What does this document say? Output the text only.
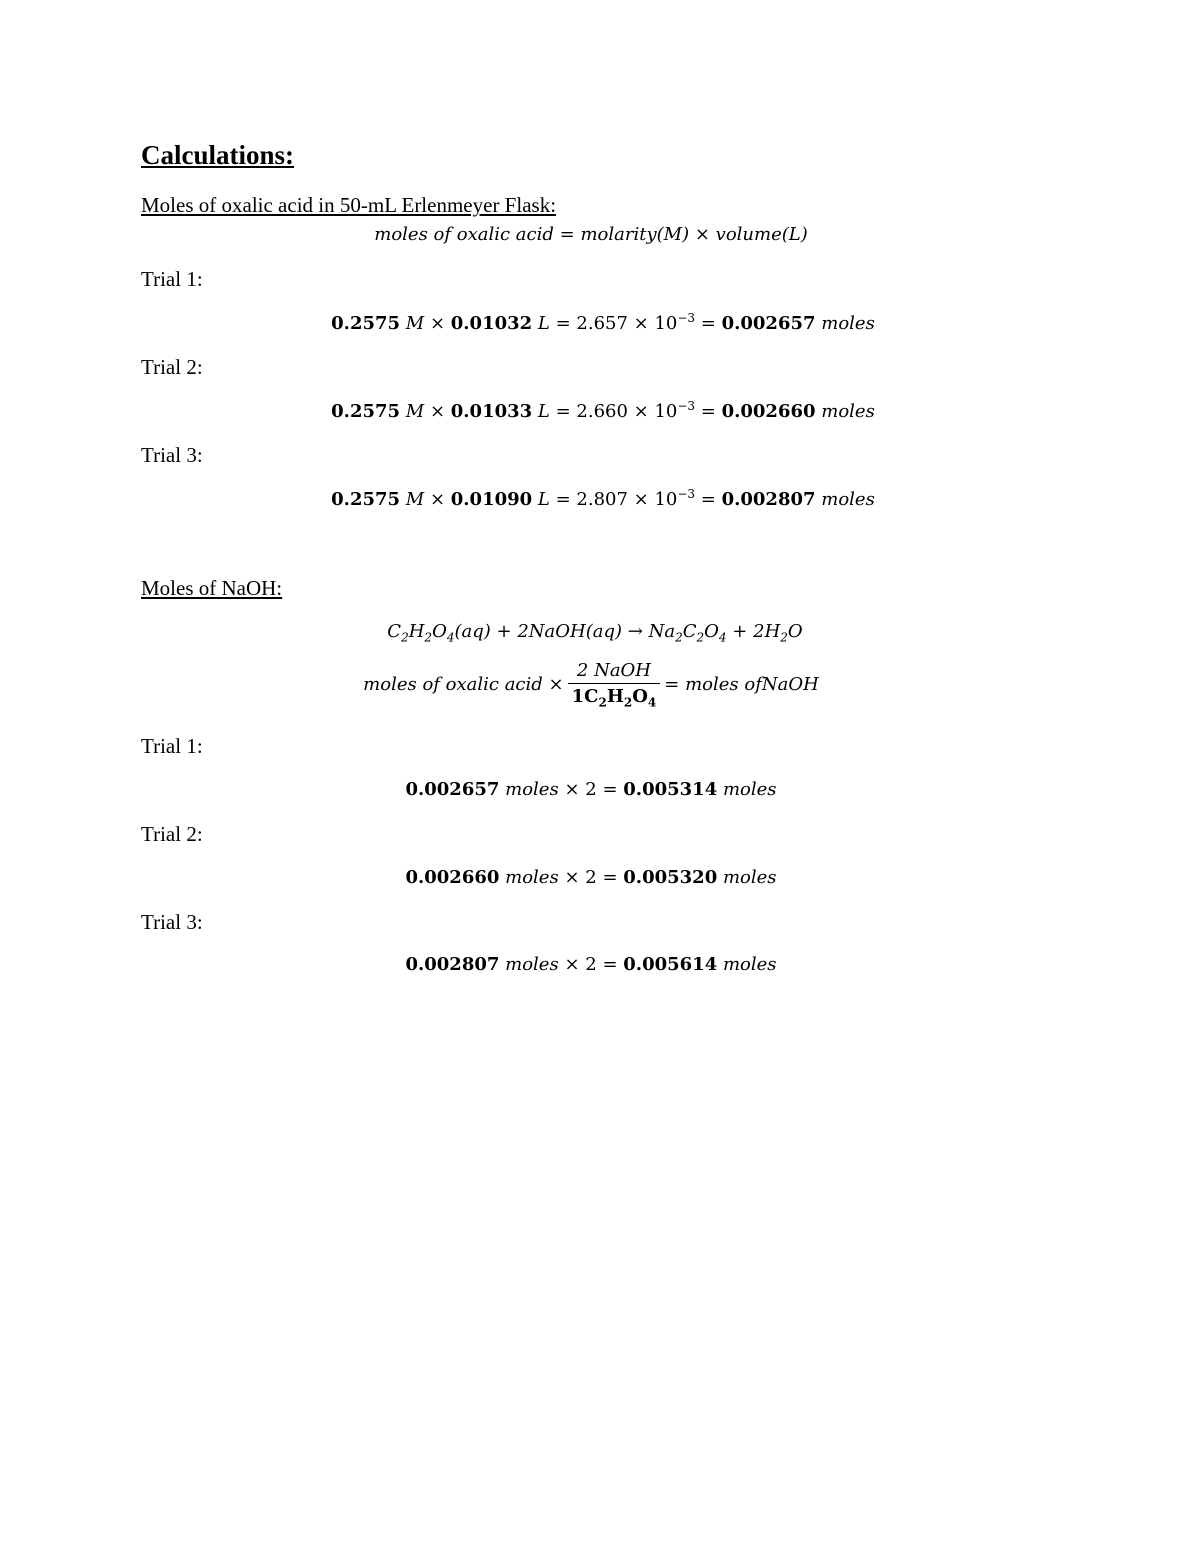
Calculations:
Moles of oxalic acid in 50-mL Erlenmeyer Flask:
moles of oxalic acid = molarity(M) × volume(L)
Trial 1:
0.2575 M × 0.01032 $L = 2.657 \times 10^{-3} = 0.002657$ moles
Trial 2:
0.2575 M × 0.01033 $L = 2.660 \times 10^{-3} = 0.002660$ moles
Trial 3:
0.2575 M × 0.01090 $L = 2.807 \times 10^{-3} = 0.002807$ moles
Moles of NaOH:
$C_2H_2O_4(aq)$ + 2NaOH(aq) → $Na_2C_2O_4 + 2H_2O$
moles of oxalic acid × $\frac{\text{2 NaOH}}{1C_2H_2O_4}$ = moles ofNaOH
Trial 1:
0.002657 moles × 2 = 0.005314 moles
Trial 2:
0.002660 moles × 2 = 0.005320 moles
Trial 3:
0.002807 moles × 2 = 0.005614 moles
